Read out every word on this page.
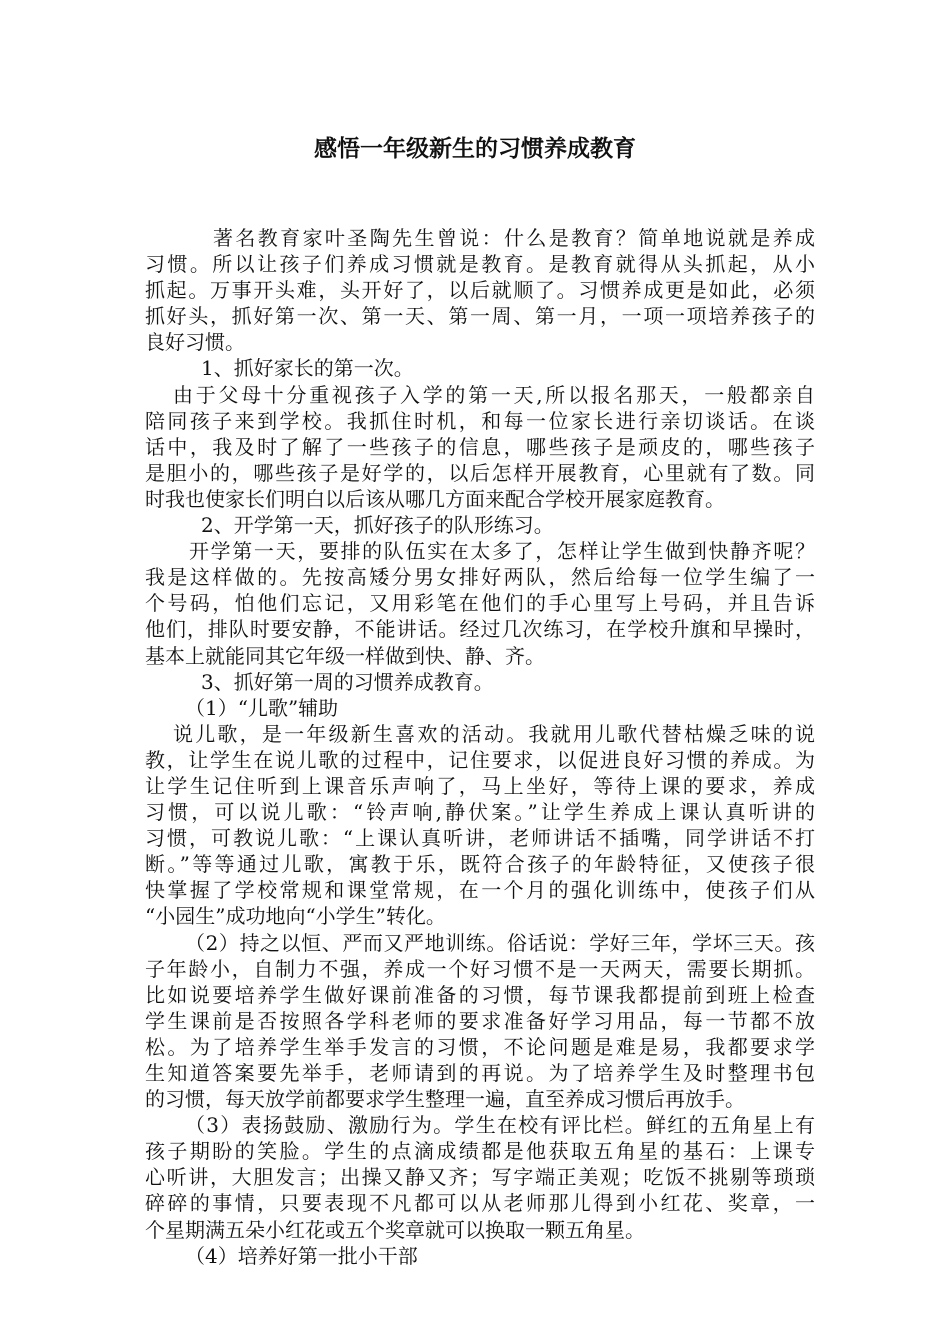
感悟一年级新生的习惯养成教育
著名教育家叶圣陶先生曾说：什么是教育？简单地说就是养成
习惯。所以让孩子们养成习惯就是教育。是教育就得从头抓起，从小
抓起。万事开头难，头开好了，以后就顺了。习惯养成更是如此，必须
抓好头，抓好第一次、第一天、第一周、第一月，一项一项培养孩子的
良好习惯。
1、抓好家长的第一次。
由于父母十分重视孩子入学的第一天,所以报名那天，一般都亲自
陪同孩子来到学校。我抓住时机，和每一位家长进行亲切谈话。在谈
话中，我及时了解了一些孩子的信息，哪些孩子是顽皮的，哪些孩子
是胆小的，哪些孩子是好学的，以后怎样开展教育，心里就有了数。同
时我也使家长们明白以后该从哪几方面来配合学校开展家庭教育。
2、开学第一天，抓好孩子的队形练习。
开学第一天，要排的队伍实在太多了，怎样让学生做到快静齐呢？
我是这样做的。先按高矮分男女排好两队，然后给每一位学生编了一
个号码，怕他们忘记，又用彩笔在他们的手心里写上号码，并且告诉
他们，排队时要安静，不能讲话。经过几次练习，在学校升旗和早操时，
基本上就能同其它年级一样做到快、静、齐。
3、抓好第一周的习惯养成教育。
（1）“儿歌”辅助
说儿歌，是一年级新生喜欢的活动。我就用儿歌代替枯燥乏味的说
教，让学生在说儿歌的过程中，记住要求，以促进良好习惯的养成。为
让学生记住听到上课音乐声响了，马上坐好，等待上课的要求，养成
习惯，可以说儿歌：“铃声响,静伏案。”让学生养成上课认真听讲的
习惯，可教说儿歌：“上课认真听讲，老师讲话不插嘴，同学讲话不打
断。”等等通过儿歌，寓教于乐，既符合孩子的年龄特征，又使孩子很
快掌握了学校常规和课堂常规，在一个月的强化训练中，使孩子们从
“小园生”成功地向“小学生”转化。
（2）持之以恒、严而又严地训练。俗话说：学好三年，学坏三天。孩
子年龄小，自制力不强，养成一个好习惯不是一天两天，需要长期抓。
比如说要培养学生做好课前准备的习惯，每节课我都提前到班上检查
学生课前是否按照各学科老师的要求准备好学习用品，每一节都不放
松。为了培养学生举手发言的习惯，不论问题是难是易，我都要求学
生知道答案要先举手，老师请到的再说。为了培养学生及时整理书包
的习惯，每天放学前都要求学生整理一遍，直至养成习惯后再放手。
（3）表扬鼓励、激励行为。学生在校有评比栏。鲜红的五角星上有
孩子期盼的笑脸。学生的点滴成绩都是他获取五角星的基石：上课专
心听讲，大胆发言；出操又静又齐；写字端正美观；吃饭不挑剔等琐琐
碎碎的事情，只要表现不凡都可以从老师那儿得到小红花、奖章，一
个星期满五朵小红花或五个奖章就可以换取一颗五角星。
（4）培养好第一批小干部
